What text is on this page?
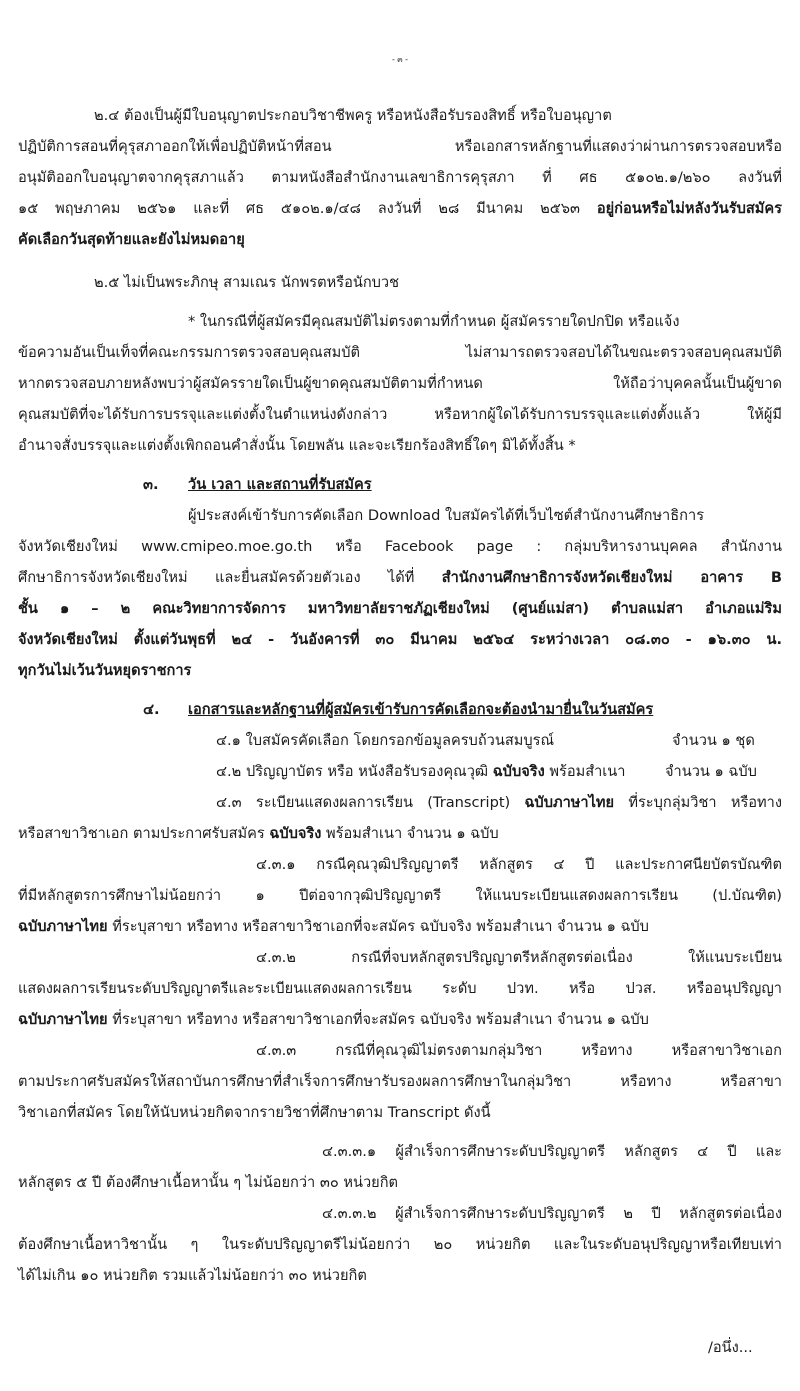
- ๓ -
๒.๔ ต้องเป็นผู้มีใบอนุญาตประกอบวิชาชีพครู หรือหนังสือรับรองสิทธิ์ หรือใบอนุญาต
ปฏิบัติการสอนที่คุรุสภาออกให้เพื่อปฏิบัติหน้าที่สอน หรือเอกสารหลักฐานที่แสดงว่าผ่านการตรวจสอบหรือ
อนุมัติออกใบอนุญาตจากคุรุสภาแล้ว ตามหนังสือสำนักงานเลขาธิการคุรุสภา ที่ ศธ ๕๑๐๒.๑/๒๖๐ ลงวันที่
๑๕ พฤษภาคม ๒๕๖๑ และที่ ศธ ๕๑๐๒.๑/๔๘ ลงวันที่ ๒๘ มีนาคม ๒๕๖๓ อยู่ก่อนหรือไม่หลังวันรับสมัคร
คัดเลือกวันสุดท้ายและยังไม่หมดอายุ
๒.๕ ไม่เป็นพระภิกษุ สามเณร นักพรตหรือนักบวช
* ในกรณีที่ผู้สมัครมีคุณสมบัติไม่ตรงตามที่กำหนด ผู้สมัครรายใดปกปิด หรือแจ้ง
ข้อความอันเป็นเท็จที่คณะกรรมการตรวจสอบคุณสมบัติ ไม่สามารถตรวจสอบได้ในขณะตรวจสอบคุณสมบัติ
หากตรวจสอบภายหลังพบว่าผู้สมัครรายใดเป็นผู้ขาดคุณสมบัติตามที่กำหนด ให้ถือว่าบุคคลนั้นเป็นผู้ขาด
คุณสมบัติที่จะได้รับการบรรจุและแต่งตั้งในตำแหน่งดังกล่าว หรือหากผู้ใดได้รับการบรรจุและแต่งตั้งแล้ว ให้ผู้มี
อำนาจสั่งบรรจุและแต่งตั้งเพิกถอนคำสั่งนั้น โดยพลัน และจะเรียกร้องสิทธิ์ใดๆ มิได้ทั้งสิ้น *
๓. วัน เวลา และสถานที่รับสมัคร
ผู้ประสงค์เข้ารับการคัดเลือก Download ใบสมัครได้ที่เว็บไซต์สำนักงานศึกษาธิการ
จังหวัดเชียงใหม่ www.cmipeo.moe.go.th หรือ Facebook page : กลุ่มบริหารงานบุคคล สำนักงาน
ศึกษาธิการจังหวัดเชียงใหม่ และยื่นสมัครด้วยตัวเอง ได้ที่ สำนักงานศึกษาธิการจังหวัดเชียงใหม่ อาคาร B
ชั้น ๑ – ๒ คณะวิทยาการจัดการ มหาวิทยาลัยราชภัฏเชียงใหม่ (ศูนย์แม่สา) ตำบลแม่สา อำเภอแม่ริม
จังหวัดเชียงใหม่ ตั้งแต่วันพุธที่ ๒๔ - วันอังคารที่ ๓๐ มีนาคม ๒๕๖๔ ระหว่างเวลา ๐๘.๓๐ - ๑๖.๓๐ น.
ทุกวันไม่เว้นวันหยุดราชการ
๔. เอกสารและหลักฐานที่ผู้สมัครเข้ารับการคัดเลือกจะต้องนำมายื่นในวันสมัคร
๔.๑ ใบสมัครคัดเลือก โดยกรอกข้อมูลครบถ้วนสมบูรณ์	จำนวน ๑ ชุด
๔.๒ ปริญญาบัตร หรือ หนังสือรับรองคุณวุฒิ ฉบับจริง พร้อมสำเนา	จำนวน ๑ ฉบับ
๔.๓ ระเบียนแสดงผลการเรียน (Transcript) ฉบับภาษาไทย ที่ระบุกลุ่มวิชา หรือทาง
หรือสาขาวิชาเอก ตามประกาศรับสมัคร ฉบับจริง พร้อมสำเนา จำนวน ๑ ฉบับ
๔.๓.๑ กรณีคุณวุฒิปริญญาตรี หลักสูตร ๔ ปี และประกาศนียบัตรบัณฑิต
ที่มีหลักสูตรการศึกษาไม่น้อยกว่า ๑ ปีต่อจากวุฒิปริญญาตรี ให้แนบระเบียนแสดงผลการเรียน (ป.บัณฑิต)
ฉบับภาษาไทย ที่ระบุสาขา หรือทาง หรือสาขาวิชาเอกที่จะสมัคร ฉบับจริง พร้อมสำเนา จำนวน ๑ ฉบับ
๔.๓.๒ กรณีที่จบหลักสูตรปริญญาตรีหลักสูตรต่อเนื่อง ให้แนบระเบียน
แสดงผลการเรียนระดับปริญญาตรีและระเบียนแสดงผลการเรียน ระดับ ปวท. หรือ ปวส. หรืออนุปริญญา
ฉบับภาษาไทย ที่ระบุสาขา หรือทาง หรือสาขาวิชาเอกที่จะสมัคร ฉบับจริง พร้อมสำเนา จำนวน ๑ ฉบับ
๔.๓.๓ กรณีที่คุณวุฒิไม่ตรงตามกลุ่มวิชา หรือทาง หรือสาขาวิชาเอก
ตามประกาศรับสมัครให้สถาบันการศึกษาที่สำเร็จการศึกษารับรองผลการศึกษาในกลุ่มวิชา หรือทาง หรือสาขา
วิชาเอกที่สมัคร โดยให้นับหน่วยกิตจากรายวิชาที่ศึกษาตาม Transcript ดังนี้
๔.๓.๓.๑ ผู้สำเร็จการศึกษาระดับปริญญาตรี หลักสูตร ๔ ปี และ
หลักสูตร ๕ ปี ต้องศึกษาเนื้อหานั้น ๆ ไม่น้อยกว่า ๓๐ หน่วยกิต
๔.๓.๓.๒ ผู้สำเร็จการศึกษาระดับปริญญาตรี ๒ ปี หลักสูตรต่อเนื่อง
ต้องศึกษาเนื้อหาวิชานั้น ๆ ในระดับปริญญาตรีไม่น้อยกว่า ๒๐ หน่วยกิต และในระดับอนุปริญญาหรือเทียบเท่า
ได้ไม่เกิน ๑๐ หน่วยกิต รวมแล้วไม่น้อยกว่า ๓๐ หน่วยกิต
/อนึ่ง...
